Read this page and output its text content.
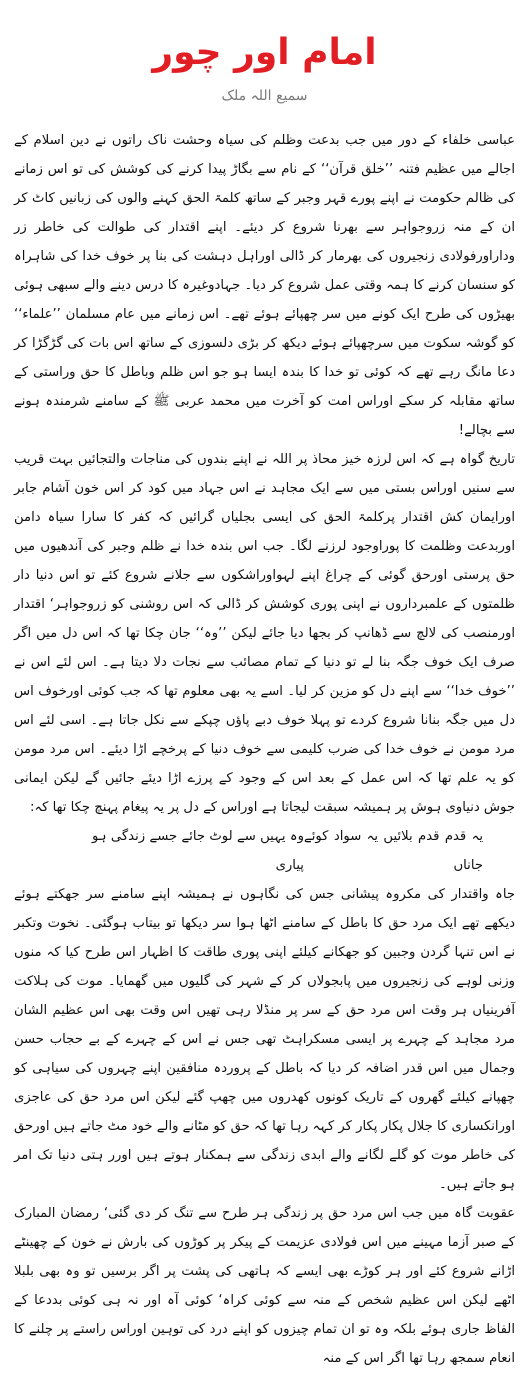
امام اور چور
سمیع اللہ ملک

عباسی خلفاء کے دور میں جب بدعت وظلم کی سیاہ وحشت ناک راتوں نے دین اسلام کے اجالے میں عظیم فتنہ ’’خلق قرآن‘‘ کے نام سے بگاڑ پیدا کرنے کی کوشش کی تو اس زمانے کی ظالم حکومت نے اپنے پورے قہر وجبر کے ساتھ کلمۃ الحق کہنے والوں کی زبانیں کاٹ کر ان کے منہ زروجواہر سے بھرنا شروع کر دیئے۔ اپنے اقتدار کی طوالت کی خاطر زر وداراورفولادی زنجیروں کی بھرمار کر ڈالی اوراہل دہشت کی بنا پر خوف خدا کی شاہراہ کو سنسان کرنے کا ہمہ وقتی عمل شروع کر دیا۔ جہادوغیرہ کا درس دینے والے سبھی ہوئی بھیڑوں کی طرح ایک کونے میں سر چھپائے ہوئے تھے۔ اس زمانے میں عام مسلمان ’’علماء‘‘ کو گوشہ سکوت میں سرچھپائے ہوئے دیکھ کر بڑی دلسوزی کے ساتھ اس بات کی گڑگڑا کر دعا مانگ رہے تھے کہ کوئی تو خدا کا بندہ ایسا ہو جو اس ظلم وباطل کا حق وراستی کے ساتھ مقابلہ کر سکے اوراس امت کو آخرت میں محمد عربی ﷺ کے سامنے شرمندہ ہونے سے بچالے!

تاریخ گواہ ہے کہ اس لرزہ خیز محاذ پر اللہ نے اپنے بندوں کی مناجات والتجائیں بہت قریب سے سنیں اوراس بستی میں سے ایک مجاہد نے اس جہاد میں کود کر اس خون آشام جابر اورایمان کش اقتدار پرکلمۃ الحق کی ایسی بجلیاں گرائیں کہ کفر کا سارا سیاہ دامن اوربدعت وظلمت کا پوراوجود لرزنے لگا۔ جب اس بندہ خدا نے ظلم وجبر کی آندھیوں میں حق پرستی اورحق گوئی کے چراغ اپنے لہواوراشکوں سے جلانے شروع کئے تو اس دنیا دار ظلمتوں کے علمبرداروں نے اپنی پوری کوشش کر ڈالی کہ اس روشنی کو زروجواہر‘ اقتدار اورمنصب کی لالچ سے ڈھانپ کر بجھا دیا جائے لیکن ’’وہ‘‘ جان چکا تھا کہ اس دل میں اگر صرف ایک خوف جگہ بنا لے تو دنیا کے تمام مصائب سے نجات دلا دیتا ہے۔ اس لئے اس نے ’’خوف خدا‘‘ سے اپنے دل کو مزین کر لیا۔ اسے یہ بھی معلوم تھا کہ جب کوئی اورخوف اس دل میں جگہ بنانا شروع کردے تو پہلا خوف دبے پاؤں چپکے سے نکل جاتا ہے۔ اسی لئے اس مرد مومن نے خوف خدا کی ضرب کلیمی سے خوف دنیا کے پرخچے اڑا دیئے۔ اس مرد مومن کو یہ علم تھا کہ اس عمل کے بعد اس کے وجود کے پرزے اڑا دیئے جائیں گے لیکن ایمانی جوش دنیاوی ہوش پر ہمیشہ سبقت لیجاتا ہے اوراس کے دل پر یہ پیغام پہنچ چکا تھا کہ:

یہ قدم قدم بلائیں یہ سواد کوئے جاناں
وہ یہیں سے لوٹ جائے جسے زندگی ہو پیاری

جاہ واقتدار کی مکروہ پیشانی جس کی نگاہوں نے ہمیشہ اپنے سامنے سر جھکتے ہوئے دیکھے تھے ایک مرد حق کا باطل کے سامنے اٹھا ہوا سر دیکھا تو بیتاب ہوگئی۔ نخوت وتکبر نے اس تنہا گردن وجبین کو جھکانے کیلئے اپنی پوری طاقت کا اظہار اس طرح کیا کہ منوں وزنی لوہے کی زنجیروں میں پابجولاں کر کے شہر کی گلیوں میں گھمایا۔ موت کی ہلاکت آفرینیاں ہر وقت اس مرد حق کے سر پر منڈلا رہی تھیں اس وقت بھی اس عظیم الشان مرد مجاہد کے چہرے پر ایسی مسکراہٹ تھی جس نے اس کے چہرے کے بے حجاب حسن وجمال میں اس قدر اضافہ کر دیا کہ باطل کے پروردہ منافقین اپنے چہروں کی سیاہی کو چھپانے کیلئے گھروں کے تاریک کونوں کھدروں میں چھپ گئے لیکن اس مرد حق کی عاجزی اورانکساری کا جلال پکار پکار کر کہہ رہا تھا کہ حق کو مٹانے والے خود مٹ جاتے ہیں اورحق کی خاطر موت کو گلے لگانے والے ابدی زندگی سے ہمکنار ہوتے ہیں اورر ہتی دنیا تک امر ہو جاتے ہیں۔

عقوبت گاہ میں جب اس مرد حق پر زندگی ہر طرح سے تنگ کر دی گئی‘ رمضان المبارک کے صبر آزما مہینے میں اس فولادی عزیمت کے پیکر پر کوڑوں کی بارش نے خون کے چھینٹے اڑانے شروع کئے اور ہر کوڑے بھی ایسے کہ ہاتھی کی پشت پر اگر برسیں تو وہ بھی بلبلا اٹھے لیکن اس عظیم شخص کے منہ سے کوئی کراہ‘ کوئی آہ اور نہ ہی کوئی بددعا کے الفاظ جاری ہوئے بلکہ وہ تو ان تمام چیزوں کو اپنے درد کی توہین اوراس راستے پر چلنے کا انعام سمجھ رہا تھا اگر اس کے منہ
